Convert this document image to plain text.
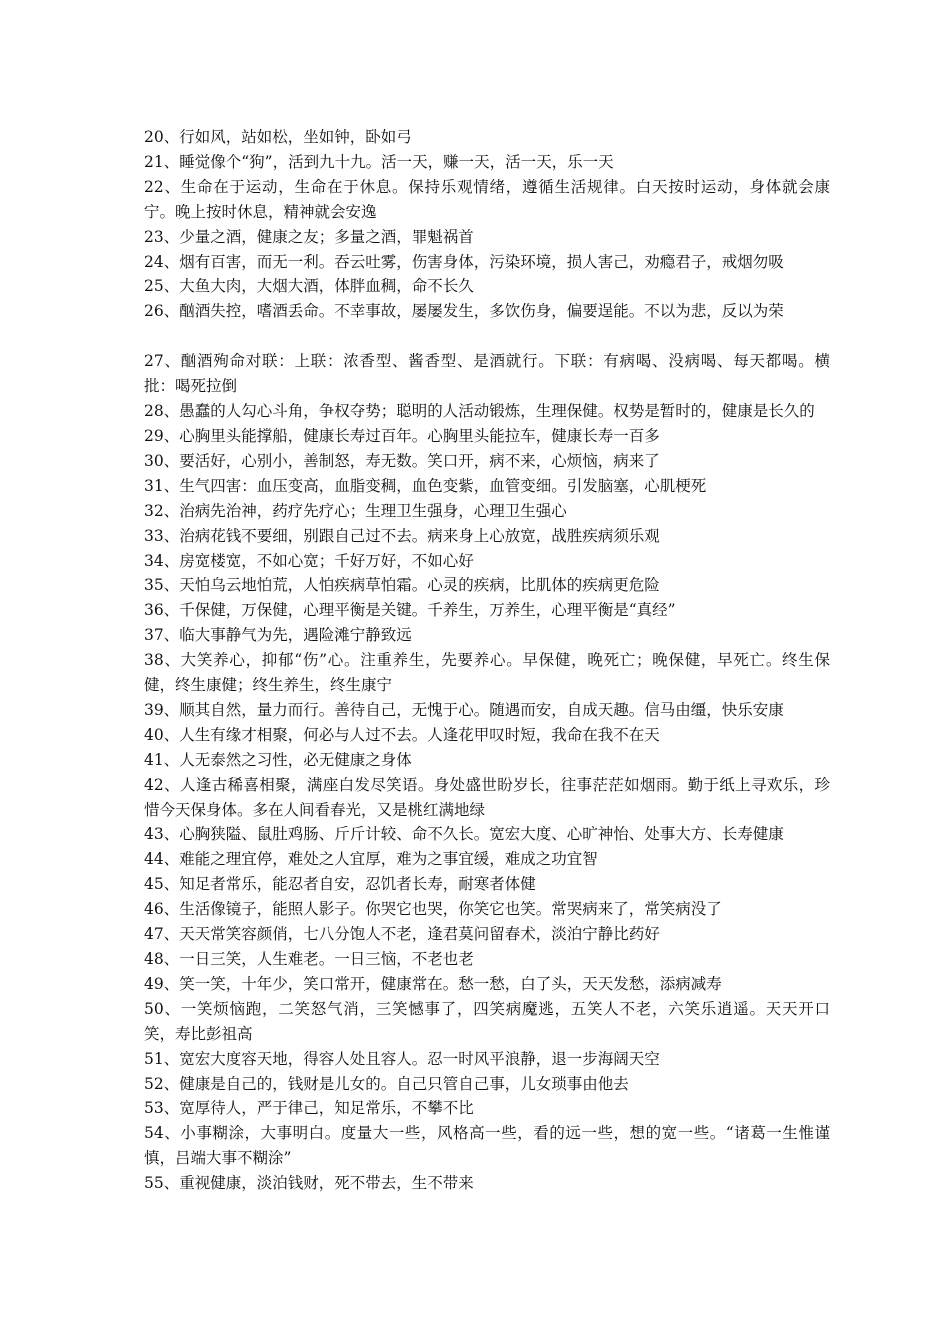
20、行如风，站如松，坐如钟，卧如弓

21、睡觉像个“狗”，活到九十九。活一天，赚一天，活一天，乐一天

22、生命在于运动，生命在于休息。保持乐观情绪，遵循生活规律。白天按时运动，身体就会康宁。晚上按时休息，精神就会安逸

23、少量之酒，健康之友；多量之酒，罪魁祸首

24、烟有百害，而无一利。吞云吐雾，伤害身体，污染环境，损人害己，劝瘾君子，戒烟勿吸

25、大鱼大肉，大烟大酒，体胖血稠，命不长久

26、酗酒失控，嗜酒丢命。不幸事故，屡屡发生，多饮伤身，偏要逞能。不以为悲，反以为荣

27、酗酒殉命对联：上联：浓香型、酱香型、是酒就行。下联：有病喝、没病喝、每天都喝。横批：喝死拉倒

28、愚蠢的人勾心斗角，争权夺势；聪明的人活动锻炼，生理保健。权势是暂时的，健康是长久的

29、心胸里头能撑船，健康长寿过百年。心胸里头能拉车，健康长寿一百多

30、要活好，心别小，善制怒，寿无数。笑口开，病不来，心烦恼，病来了

31、生气四害：血压变高，血脂变稠，血色变紫，血管变细。引发脑塞，心肌梗死

32、治病先治神，药疗先疗心；生理卫生强身，心理卫生强心

33、治病花钱不要细，别跟自己过不去。病来身上心放宽，战胜疾病须乐观

34、房宽楼宽，不如心宽；千好万好，不如心好

35、天怕乌云地怕荒，人怕疾病草怕霜。心灵的疾病，比肌体的疾病更危险

36、千保健，万保健，心理平衡是关键。千养生，万养生，心理平衡是“真经”

37、临大事静气为先，遇险滩宁静致远

38、大笑养心，抑郁“伤”心。注重养生，先要养心。早保健，晚死亡；晚保健，早死亡。终生保健，终生康健；终生养生，终生康宁

39、顺其自然，量力而行。善待自己，无愧于心。随遇而安，自成天趣。信马由缰，快乐安康

40、人生有缘才相聚，何必与人过不去。人逢花甲叹时短，我命在我不在天

41、人无泰然之习性，必无健康之身体

42、人逢古稀喜相聚，满座白发尽笑语。身处盛世盼岁长，往事茫茫如烟雨。勤于纸上寻欢乐，珍惜今天保身体。多在人间看春光，又是桃红满地绿

43、心胸狭隘、鼠肚鸡肠、斤斤计较、命不久长。宽宏大度、心旷神怡、处事大方、长寿健康

44、难能之理宜停，难处之人宜厚，难为之事宜缓，难成之功宜智

45、知足者常乐，能忍者自安，忍饥者长寿，耐寒者体健

46、生活像镜子，能照人影子。你哭它也哭，你笑它也笑。常哭病来了，常笑病没了

47、天天常笑容颜俏，七八分饱人不老，逢君莫问留春术，淡泊宁静比药好

48、一日三笑，人生难老。一日三恼，不老也老

49、笑一笑，十年少，笑口常开，健康常在。愁一愁，白了头，天天发愁，添病减寿

50、一笑烦恼跑，二笑怒气消，三笑憾事了，四笑病魔逃，五笑人不老，六笑乐逍遥。天天开口笑，寿比彭祖高

51、宽宏大度容天地，得容人处且容人。忍一时风平浪静，退一步海阔天空

52、健康是自己的，钱财是儿女的。自己只管自己事，儿女琐事由他去

53、宽厚待人，严于律己，知足常乐，不攀不比

54、小事糊涂，大事明白。度量大一些，风格高一些，看的远一些，想的宽一些。“诸葛一生惟谨慎，吕端大事不糊涂”

55、重视健康，淡泊钱财，死不带去，生不带来
